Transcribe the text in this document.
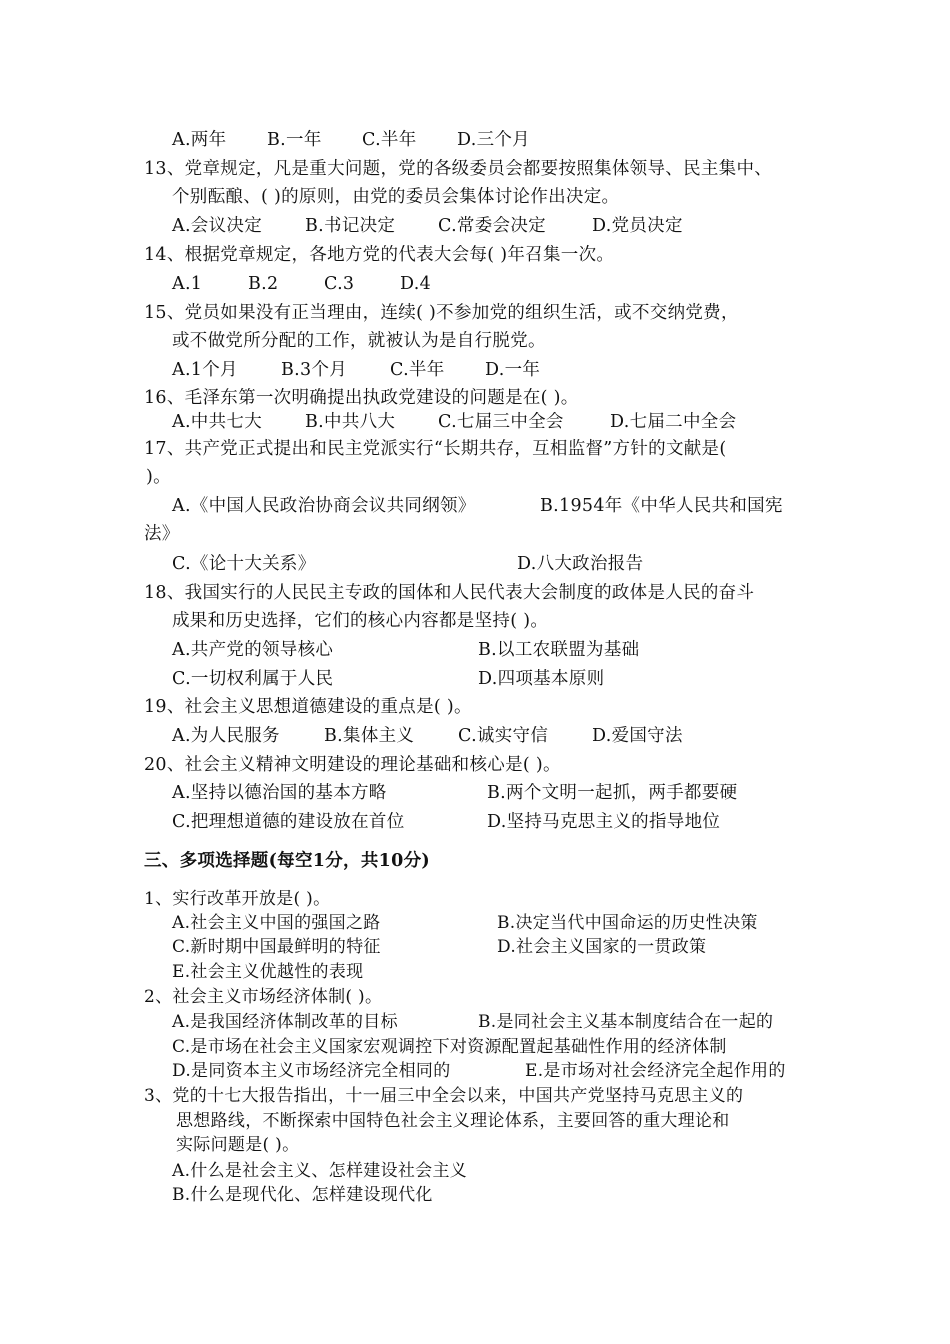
A.两年 B.一年 C.半年 D.三个月
13、党章规定，凡是重大问题，党的各级委员会都要按照集体领导、民主集中、
个别酝酿、( )的原则，由党的委员会集体讨论作出决定。
A.会议决定 B.书记决定 C.常委会决定	D.党员决定
14、根据党章规定，各地方党的代表大会每( )年召集一次。
A.1	B.2	C.3	D.4
15、党员如果没有正当理由，连续( )不参加党的组织生活，或不交纳党费，
或不做党所分配的工作，就被认为是自行脱党。
A.1个月 B.3个月 C.半年 D.一年
16、毛泽东第一次明确提出执政党建设的问题是在( )。
A.中共七大 B.中共八大 C.七届三中全会	D.七届二中全会
17、共产党正式提出和民主党派实行“长期共存，互相监督”方针的文献是(
)。
A.《中国人民政治协商会议共同纲领》	B.1954年《中华人民共和国宪
法》
C.《论十大关系》	D.八大政治报告
18、我国实行的人民民主专政的国体和人民代表大会制度的政体是人民的奋斗
成果和历史选择，它们的核心内容都是坚持( )。
A.共产党的领导核心	B.以工农联盟为基础
C.一切权利属于人民	D.四项基本原则
19、社会主义思想道德建设的重点是( )。
A.为人民服务	B.集体主义	C.诚实守信	D.爱国守法
20、社会主义精神文明建设的理论基础和核心是( )。
A.坚持以德治国的基本方略	B.两个文明一起抓，两手都要硬
C.把理想道德的建设放在首位	D.坚持马克思主义的指导地位
三、多项选择题(每空1分，共10分)
1、实行改革开放是( )。
A.社会主义中国的强国之路	B.决定当代中国命运的历史性决策
C.新时期中国最鲜明的特征	D.社会主义国家的一贯政策
E.社会主义优越性的表现
2、社会主义市场经济体制( )。
A.是我国经济体制改革的目标	B.是同社会主义基本制度结合在一起的
C.是市场在社会主义国家宏观调控下对资源配置起基础性作用的经济体制
D.是同资本主义市场经济完全相同的	E.是市场对社会经济完全起作用的
3、党的十七大报告指出，十一届三中全会以来，中国共产党坚持马克思主义的
思想路线，不断探索中国特色社会主义理论体系，主要回答的重大理论和
实际问题是( )。
A.什么是社会主义、怎样建设社会主义
B.什么是现代化、怎样建设现代化
